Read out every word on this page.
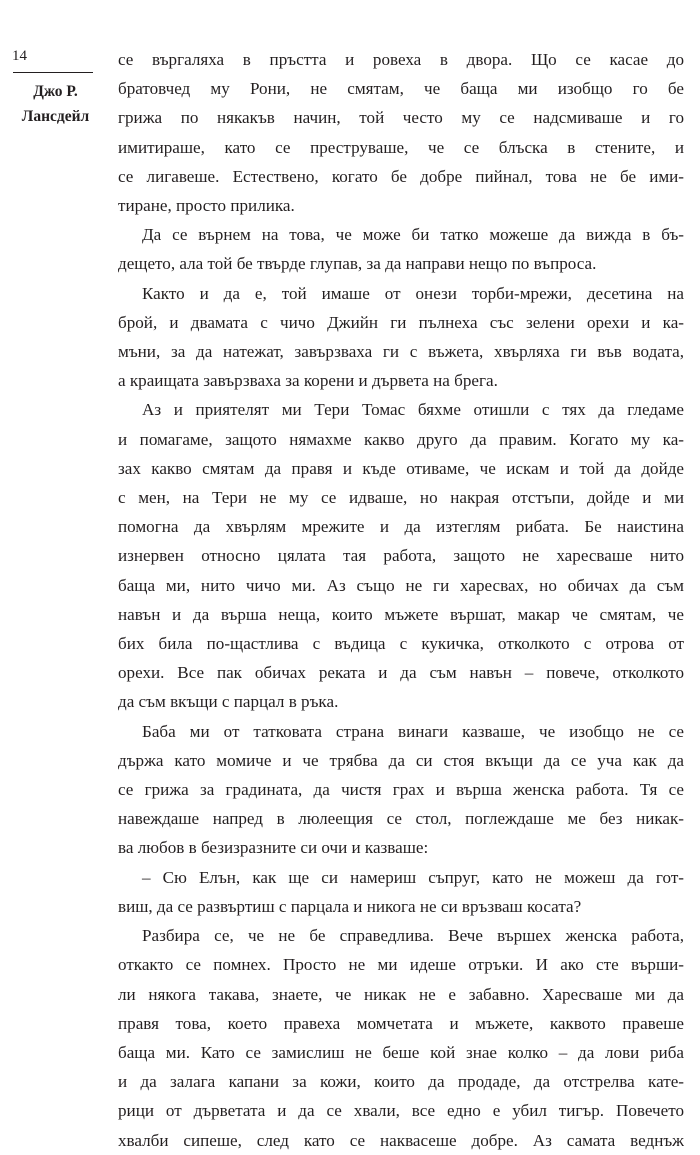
14
Джо Р.
Лансдейл

се въргаляха в пръстта и ровеха в двора. Що се касае до

братовчед му Рони, не смятам, че баща ми изобщо го бе

грижа по някакъв начин, той често му се надсмиваше и го

имитираше, като се преструваше, че се блъска в стените, и

се лигавеше. Естествено, когато бе добре пийнал, това не бе ими-

тиране, просто прилика.

Да се върнем на това, че може би татко можеше да вижда в бъ-

дещето, ала той бе твърде глупав, за да направи нещо по въпроса.

Както и да е, той имаше от онези торби-мрежи, десетина на

брой, и двамата с чичо Джийн ги пълнеха със зелени орехи и ка-

мъни, за да натежат, завързваха ги с въжета, хвърляха ги във водата,

а краищата завързваха за корени и дървета на брега.

Аз и приятелят ми Тери Томас бяхме отишли с тях да гледаме

и помагаме, защото нямахме какво друго да правим. Когато му ка-

зах какво смятам да правя и къде отиваме, че искам и той да дойде

с мен, на Тери не му се идваше, но накрая отстъпи, дойде и ми

помогна да хвърлям мрежите и да изтеглям рибата. Бе наистина

изнервен относно цялата тая работа, защото не харесваше нито

баща ми, нито чичо ми. Аз също не ги харесвах, но обичах да съм

навън и да върша неща, които мъжете вършат, макар че смятам, че

бих била по-щастлива с въдица с кукичка, отколкото с отрова от

орехи. Все пак обичах реката и да съм навън – повече, отколкото

да съм вкъщи с парцал в ръка.

Баба ми от татковата страна винаги казваше, че изобщо не се

държа като момиче и че трябва да си стоя вкъщи да се уча как да

се грижа за градината, да чистя грах и върша женска работа. Тя се

навеждаше напред в люлеещия се стол, поглеждаше ме без никак-

ва любов в безизразните си очи и казваше:

– Сю Елън, как ще си намериш съпруг, като не можеш да гот-

виш, да се развъртиш с парцала и никога не си връзваш косата?

Разбира се, че не бе справедлива. Вече вършех женска работа,

откакто се помнех. Просто не ми идеше отръки. И ако сте върши-

ли някога такава, знаете, че никак не е забавно. Харесваше ми да

правя това, което правеха момчетата и мъжете, каквото правеше

баща ми. Като се замислиш не беше кой знае колко – да лови риба

и да залага капани за кожи, които да продаде, да отстрелва кате-

рици от дърветата и да се хвали, все едно е убил тигър. Повечето

хвалби сипеше, след като се наквасеше добре. Аз самата веднъж
